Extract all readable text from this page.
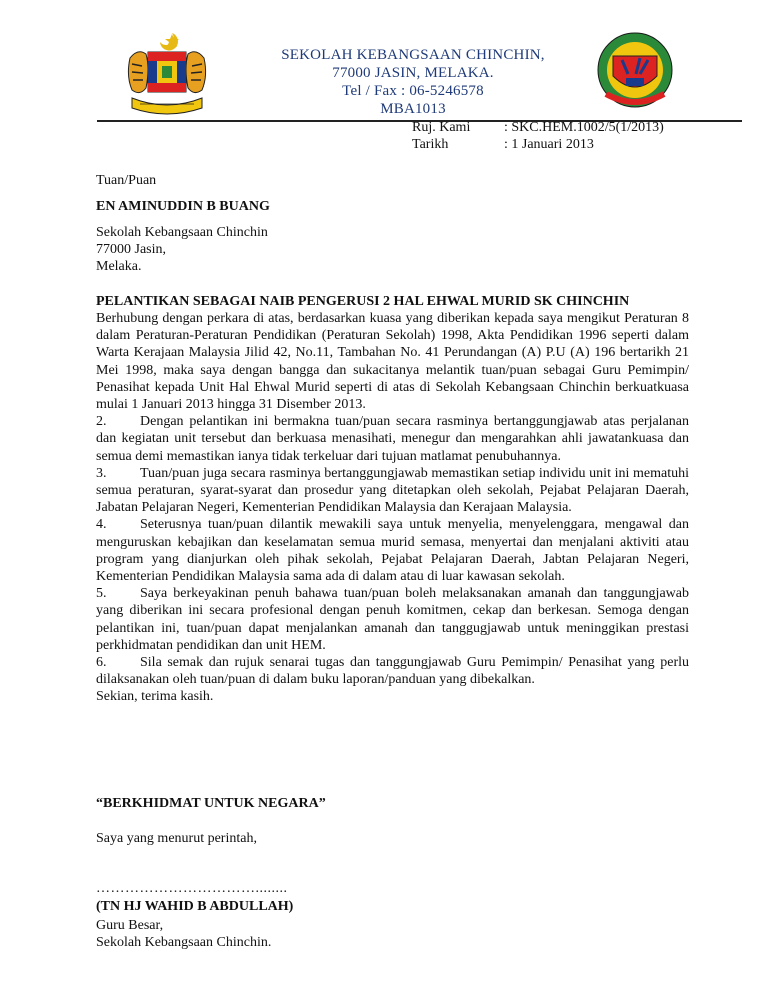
SEKOLAH KEBANGSAAN CHINCHIN,
77000 JASIN, MELAKA.
Tel / Fax : 06-5246578
MBA1013
Ruj. Kami	: SKC.HEM.1002/5(1/2013)
Tarikh	: 1 Januari 2013
Tuan/Puan
EN AMINUDDIN B BUANG
Sekolah Kebangsaan Chinchin
77000 Jasin,
Melaka.
PELANTIKAN SEBAGAI NAIB PENGERUSI 2 HAL EHWAL MURID SK CHINCHIN

Berhubung dengan perkara di atas, berdasarkan kuasa yang diberikan kepada saya mengikut Peraturan 8 dalam Peraturan-Peraturan Pendidikan (Peraturan Sekolah) 1998, Akta Pendidikan 1996 seperti dalam Warta Kerajaan Malaysia Jilid 42, No.11, Tambahan No. 41 Perundangan (A) P.U (A) 196 bertarikh 21 Mei 1998, maka saya dengan bangga dan sukacitanya melantik tuan/puan sebagai Guru Pemimpin/ Penasihat kepada Unit Hal Ehwal Murid seperti di atas di Sekolah Kebangsaan Chinchin berkuatkuasa mulai 1 Januari 2013 hingga 31 Disember 2013.

2. Dengan pelantikan ini bermakna tuan/puan secara rasminya bertanggungjawab atas perjalanan dan kegiatan unit tersebut dan berkuasa menasihati, menegur dan mengarahkan ahli jawatankuasa dan semua demi memastikan ianya tidak terkeluar dari tujuan matlamat penubuhannya.

3. Tuan/puan juga secara rasminya bertanggungjawab memastikan setiap individu unit ini mematuhi semua peraturan, syarat-syarat dan prosedur yang ditetapkan oleh sekolah, Pejabat Pelajaran Daerah, Jabatan Pelajaran Negeri, Kementerian Pendidikan Malaysia dan Kerajaan Malaysia.

4. Seterusnya tuan/puan dilantik mewakili saya untuk menyelia, menyelenggara, mengawal dan menguruskan kebajikan dan keselamatan semua murid semasa, menyertai dan menjalani aktiviti atau program yang dianjurkan oleh pihak sekolah, Pejabat Pelajaran Daerah, Jabtan Pelajaran Negeri, Kementerian Pendidikan Malaysia sama ada di dalam atau di luar kawasan sekolah.

5. Saya berkeyakinan penuh bahawa tuan/puan boleh melaksanakan amanah dan tanggungjawab yang diberikan ini secara profesional dengan penuh komitmen, cekap dan berkesan. Semoga dengan pelantikan ini, tuan/puan dapat menjalankan amanah dan tanggugjawab untuk meninggikan prestasi perkhidmatan pendidikan dan unit HEM.

6. Sila semak dan rujuk senarai tugas dan tanggungjawab Guru Pemimpin/ Penasihat yang perlu dilaksanakan oleh tuan/puan di dalam buku laporan/panduan yang dibekalkan.

Sekian, terima kasih.

“BERKHIDMAT UNTUK NEGARA”
Saya yang menurut perintah,
……………………………........
(TN HJ WAHID B ABDULLAH)
Guru Besar,
Sekolah Kebangsaan Chinchin.
